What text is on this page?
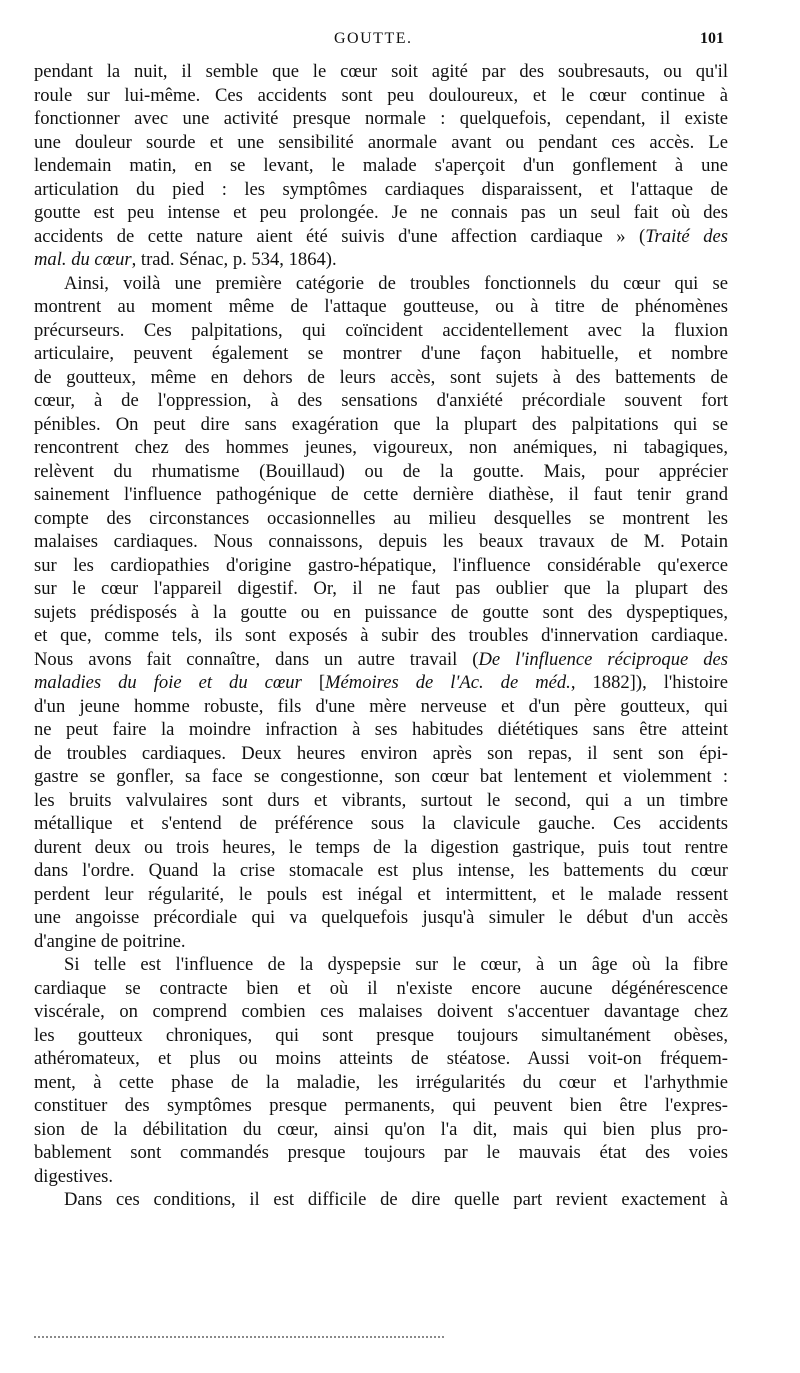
GOUTTE.	101
pendant la nuit, il semble que le cœur soit agité par des soubresauts, ou qu'il
roule sur lui-même. Ces accidents sont peu douloureux, et le cœur continue à
fonctionner avec une activité presque normale : quelquefois, cependant, il existe
une douleur sourde et une sensibilité anormale avant ou pendant ces accès. Le
lendemain matin, en se levant, le malade s'aperçoit d'un gonflement à une
articulation du pied : les symptômes cardiaques disparaissent, et l'attaque de
goutte est peu intense et peu prolongée. Je ne connais pas un seul fait où des
accidents de cette nature aient été suivis d'une affection cardiaque » (Traité des
mal. du cœur, trad. Sénac, p. 534, 1864).
Ainsi, voilà une première catégorie de troubles fonctionnels du cœur qui se
montrent au moment même de l'attaque goutteuse, ou à titre de phénomènes
précurseurs. Ces palpitations, qui coïncident accidentellement avec la fluxion
articulaire, peuvent également se montrer d'une façon habituelle, et nombre
de goutteux, même en dehors de leurs accès, sont sujets à des battements de
cœur, à de l'oppression, à des sensations d'anxiété précordiale souvent fort
pénibles. On peut dire sans exagération que la plupart des palpitations qui se
rencontrent chez des hommes jeunes, vigoureux, non anémiques, ni tabagiques,
relèvent du rhumatisme (Bouillaud) ou de la goutte. Mais, pour apprécier
sainement l'influence pathogénique de cette dernière diathèse, il faut tenir grand
compte des circonstances occasionnelles au milieu desquelles se montrent les
malaises cardiaques. Nous connaissons, depuis les beaux travaux de M. Potain
sur les cardiopathies d'origine gastro-hépatique, l'influence considérable qu'exerce
sur le cœur l'appareil digestif. Or, il ne faut pas oublier que la plupart des
sujets prédisposés à la goutte ou en puissance de goutte sont des dyspeptiques,
et que, comme tels, ils sont exposés à subir des troubles d'innervation cardiaque.
Nous avons fait connaître, dans un autre travail (De l'influence réciproque des
maladies du foie et du cœur [Mémoires de l'Ac. de méd., 1882]), l'histoire
d'un jeune homme robuste, fils d'une mère nerveuse et d'un père goutteux, qui
ne peut faire la moindre infraction à ses habitudes diététiques sans être atteint
de troubles cardiaques. Deux heures environ après son repas, il sent son épi-
gastre se gonfler, sa face se congestionne, son cœur bat lentement et violemment :
les bruits valvulaires sont durs et vibrants, surtout le second, qui a un timbre
métallique et s'entend de préférence sous la clavicule gauche. Ces accidents
durent deux ou trois heures, le temps de la digestion gastrique, puis tout rentre
dans l'ordre. Quand la crise stomacale est plus intense, les battements du cœur
perdent leur régularité, le pouls est inégal et intermittent, et le malade ressent
une angoisse précordiale qui va quelquefois jusqu'à simuler le début d'un accès
d'angine de poitrine.
Si telle est l'influence de la dyspepsie sur le cœur, à un âge où la fibre
cardiaque se contracte bien et où il n'existe encore aucune dégénérescence
viscérale, on comprend combien ces malaises doivent s'accentuer davantage chez
les goutteux chroniques, qui sont presque toujours simultanément obèses,
athéromateux, et plus ou moins atteints de stéatose. Aussi voit-on fréquem-
ment, à cette phase de la maladie, les irrégularités du cœur et l'arhythmie
constituer des symptômes presque permanents, qui peuvent bien être l'expres-
sion de la débilitation du cœur, ainsi qu'on l'a dit, mais qui bien plus pro-
bablement sont commandés presque toujours par le mauvais état des voies
digestives.
Dans ces conditions, il est difficile de dire quelle part revient exactement à
